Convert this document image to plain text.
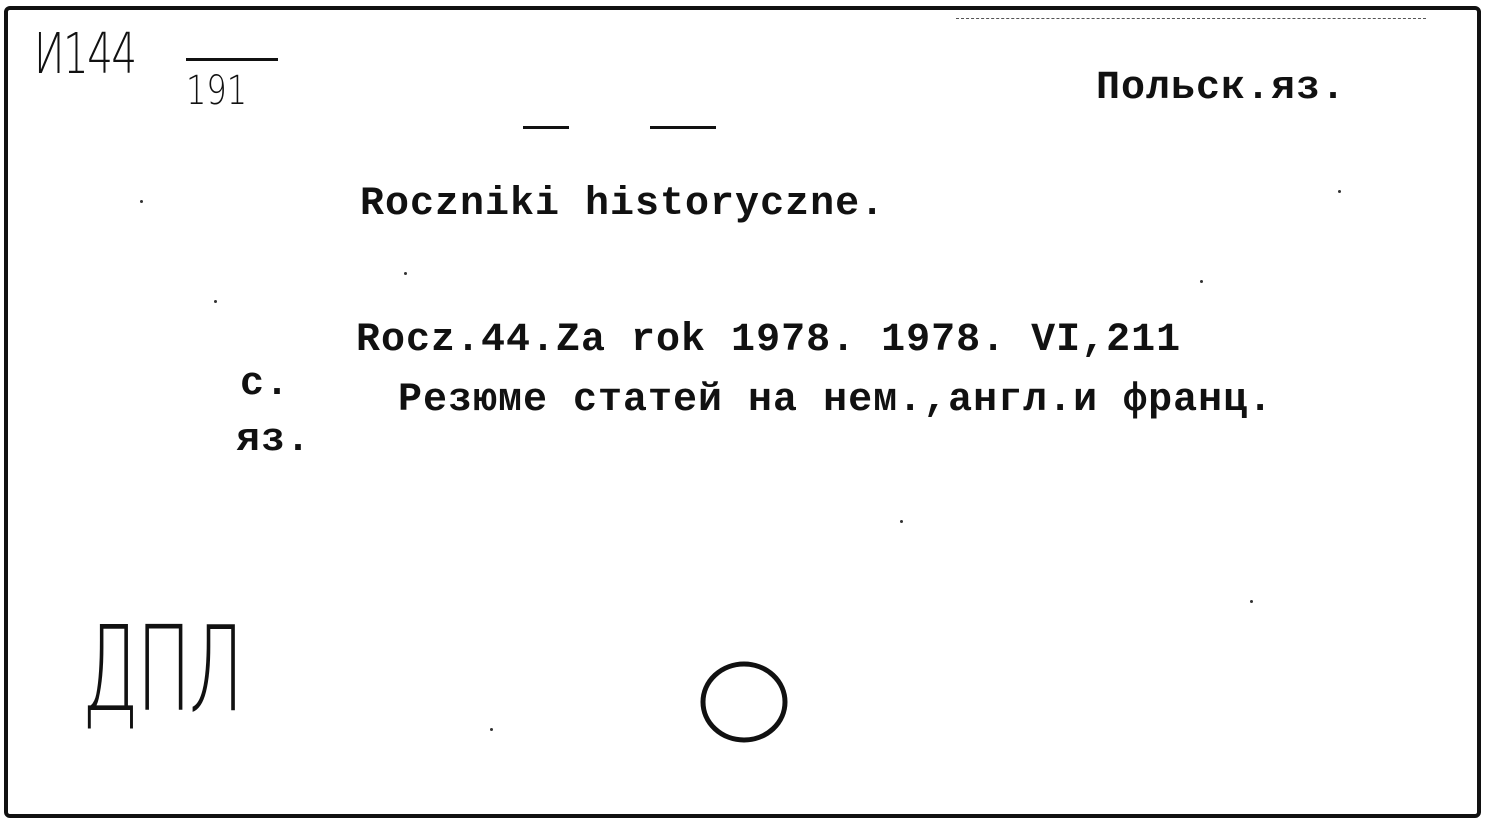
И144
191	Польск.яз.
Roczniki historyczne.
Rocz.44.Za rok 1978. 1978. VI,211
с.	Резюме статей на нем.,англ.и франц.
яз.
ДПЛ
